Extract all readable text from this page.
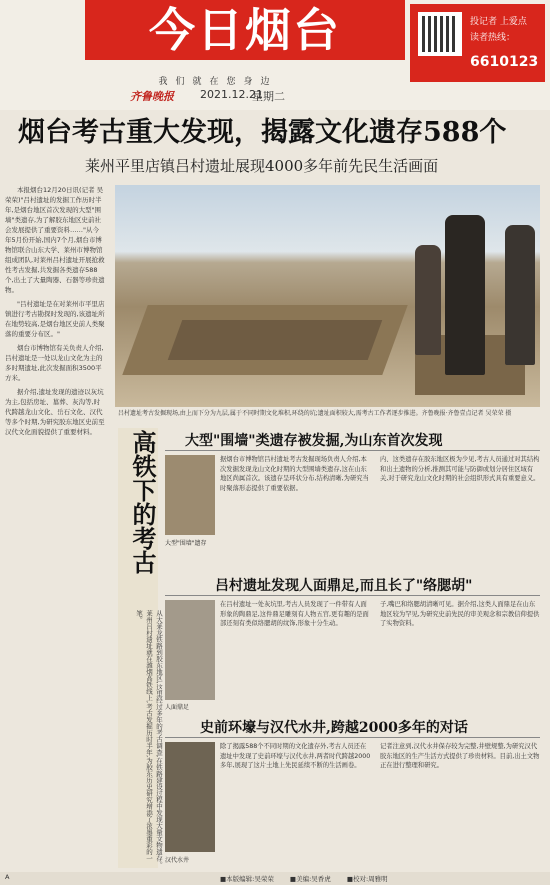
今日烟台
我们就在您身边
齐鲁晚报 2021.12.21
星期二
投记者 上爱点
读者热线：
6610123
烟台考古重大发现，揭露文化遗存588个
莱州平里店镇吕村遗址展现4000多年前先民生活画面

本报烟台12月20日讯(记者 吴荣荣)"吕村遗址的发掘工作历时半年,是烟台地区首次发现的大型"围墙"类遗存,为了解胶东地区史前社会发展提供了重要资料……"从今年5月份开始,国内7个月,烟台市博物馆联合山东大学、莱州市博物馆组成团队,对莱州吕村遗址开展抢救性考古发掘,共发掘各类遗存588个,出土了大量陶器、石器等珍贵遗物。

"吕村遗址是在对莱州市平里店镇进行考古勘探时发现的,该遗址所在地势较高,是烟台地区史前人类聚落的重要分布区。"

烟台市博物馆有关负责人介绍,吕村遗址是一处以龙山文化为主的多时期遗址,此次发掘面积3500平方米。

据介绍,遗址发现的遗迹以灰坑为主,包括房址、墓葬、灰沟等,时代跨越龙山文化、岳石文化、汉代等多个时期,为研究胶东地区史前至汉代文化面貌提供了重要材料。

吕村遗址考古发掘现场,由上而下分为九层,属于不同时期文化堆积,环绕的坑;遗址面积较大,需考古工作者逐步推进。齐鲁晚报·齐鲁壹点记者 吴荣荣 摄
高铁下的考古
从大莱龙铁路到胶东地区,这里经过多年的考古调查,在铁路建设过程中发现大量文物遗存。莱州吕村遗址就在潍烟高铁线上,考古发掘历时半年,为胶东历史研究增添了浓墨重彩的一笔。
大型"围墙"类遗存被发掘,为山东首次发现
大型"围墙"遗存
据烟台市博物馆吕村遗址考古发掘现场负责人介绍,本次发掘发现龙山文化时期的大型围墙类遗存,这在山东地区尚属首次。该遗存呈环状分布,结构清晰,为研究当时聚落形态提供了重要依据。
内、这类遗存在胶东地区极为少见,考古人员通过对其结构和出土遗物的分析,推测其可能与防御或划分居住区域有关,对于研究龙山文化时期的社会组织形式具有重要意义。
吕村遗址发现人面鼎足,而且长了"络腮胡"
人面鼎足
在吕村遗址一处灰坑里,考古人员发现了一件带有人面形象的陶鼎足,这件鼎足雕刻有人物五官,更有趣的是面部还刻有类似络腮胡的纹饰,形象十分生动。
子,嘴巴和络腮胡清晰可见。据介绍,这类人面鼎足在山东地区较为罕见,为研究史前先民的审美观念和宗教信仰提供了实物资料。
史前环壕与汉代水井,跨越2000多年的对话
汉代水井
除了揭露588个不同时期的文化遗存外,考古人员还在遗址中发现了史前环壕与汉代水井,两者时代跨越2000多年,展现了这片土地上先民延续不断的生活画卷。
记者注意到,汉代水井保存较为完整,井壁规整,为研究汉代胶东地区的生产生活方式提供了珍贵材料。目前,出土文物正在进行整理和研究。
■本版编辑:吴荣荣 ■美编:吴香虎 ■校对:周雅明
A
